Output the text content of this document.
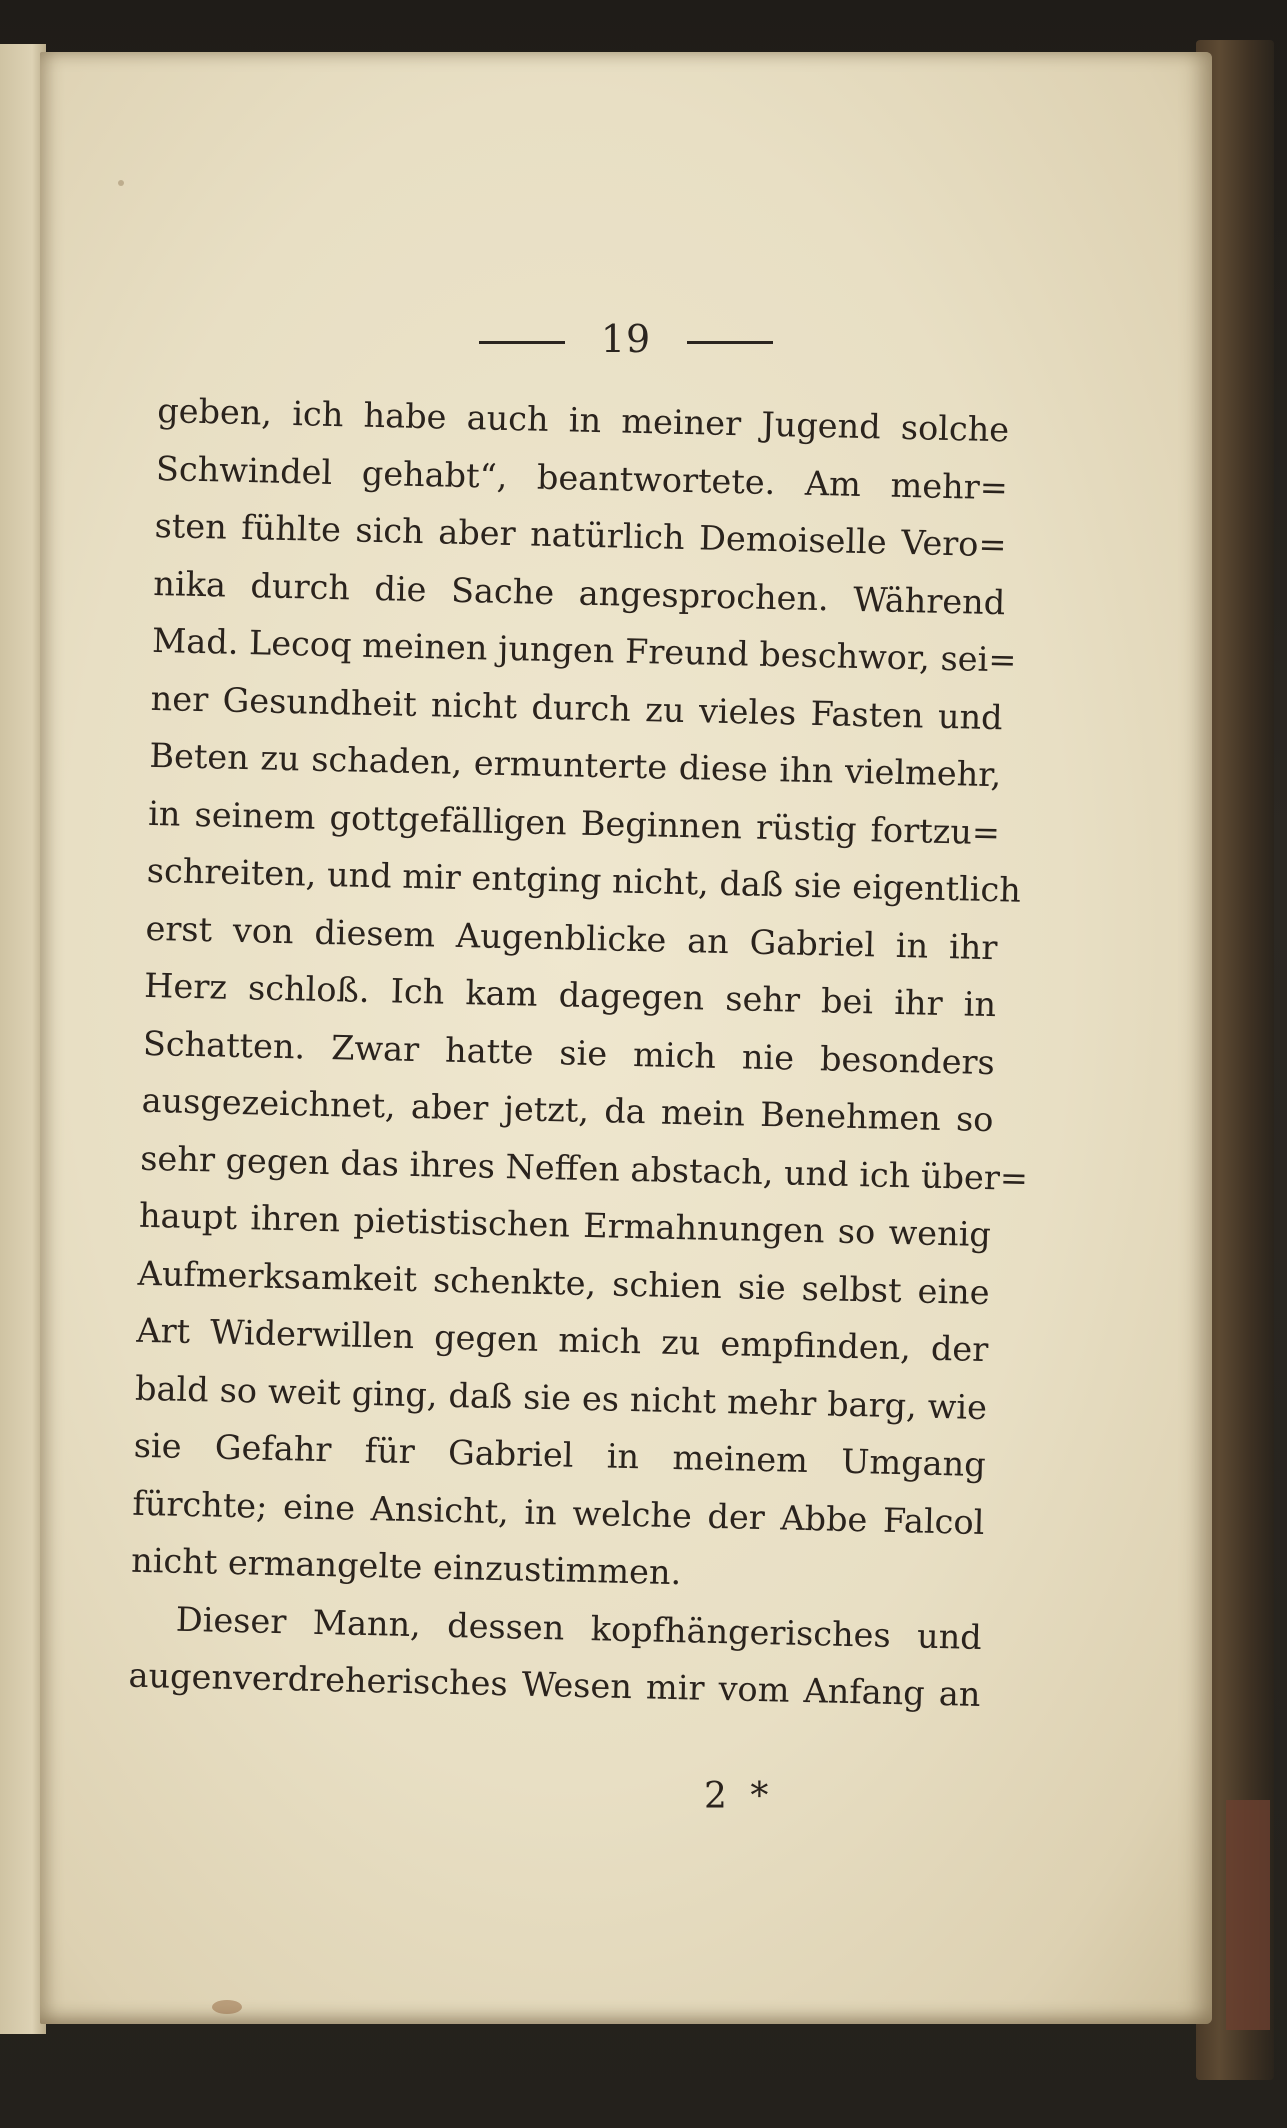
19
geben, ich habe auch in meiner Jugend solche
Schwindel gehabt“, beantwortete. Am mehr=
sten fühlte sich aber natürlich Demoiselle Vero=
nika durch die Sache angesprochen. Während
Mad. Lecoq meinen jungen Freund beschwor, sei=
ner Gesundheit nicht durch zu vieles Fasten und
Beten zu schaden, ermunterte diese ihn vielmehr,
in seinem gottgefälligen Beginnen rüstig fortzu=
schreiten, und mir entging nicht, daß sie eigentlich
erst von diesem Augenblicke an Gabriel in ihr
Herz schloß. Ich kam dagegen sehr bei ihr in
Schatten. Zwar hatte sie mich nie besonders
ausgezeichnet, aber jetzt, da mein Benehmen so
sehr gegen das ihres Neffen abstach, und ich über=
haupt ihren pietistischen Ermahnungen so wenig
Aufmerksamkeit schenkte, schien sie selbst eine
Art Widerwillen gegen mich zu empfinden, der
bald so weit ging, daß sie es nicht mehr barg, wie
sie Gefahr für Gabriel in meinem Umgang
fürchte; eine Ansicht, in welche der Abbe Falcol
nicht ermangelte einzustimmen.
Dieser Mann, dessen kopfhängerisches und
augenverdreherisches Wesen mir vom Anfang an
2 *
